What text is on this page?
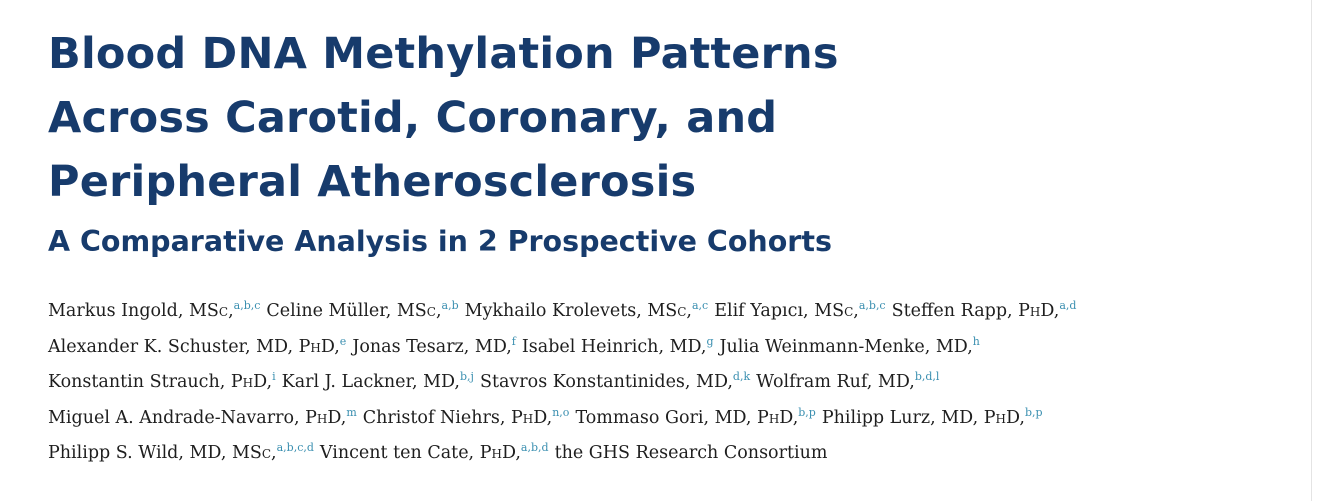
Blood DNA Methylation Patterns
Across Carotid, Coronary, and
Peripheral Atherosclerosis
A Comparative Analysis in 2 Prospective Cohorts
Markus Ingold, MSc,$^{a,b,c}$ Celine Müller, MSc,$^{a,b}$ Mykhailo Krolevets, MSc,$^{a,c}$ Elif Yapıcı, MSc,$^{a,b,c}$ Steffen Rapp, PhD,$^{a,d}$
Alexander K. Schuster, MD, PhD,$^e$ Jonas Tesarz, MD,$^f$ Isabel Heinrich, MD,$^g$ Julia Weinmann-Menke, MD,$^h$
Konstantin Strauch, PhD,$^i$ Karl J. Lackner, MD,$^{b,j}$ Stavros Konstantinides, MD,$^{d,k}$ Wolfram Ruf, MD,$^{b,d,l}$
Miguel A. Andrade-Navarro, PhD,$^m$ Christof Niehrs, PhD,$^{n,o}$ Tommaso Gori, MD, PhD,$^{b,p}$ Philipp Lurz, MD, PhD,$^{b,p}$
Philipp S. Wild, MD, MSc,$^{a,b,c,d}$ Vincent ten Cate, PhD,$^{a,b,d}$ the GHS Research Consortium
